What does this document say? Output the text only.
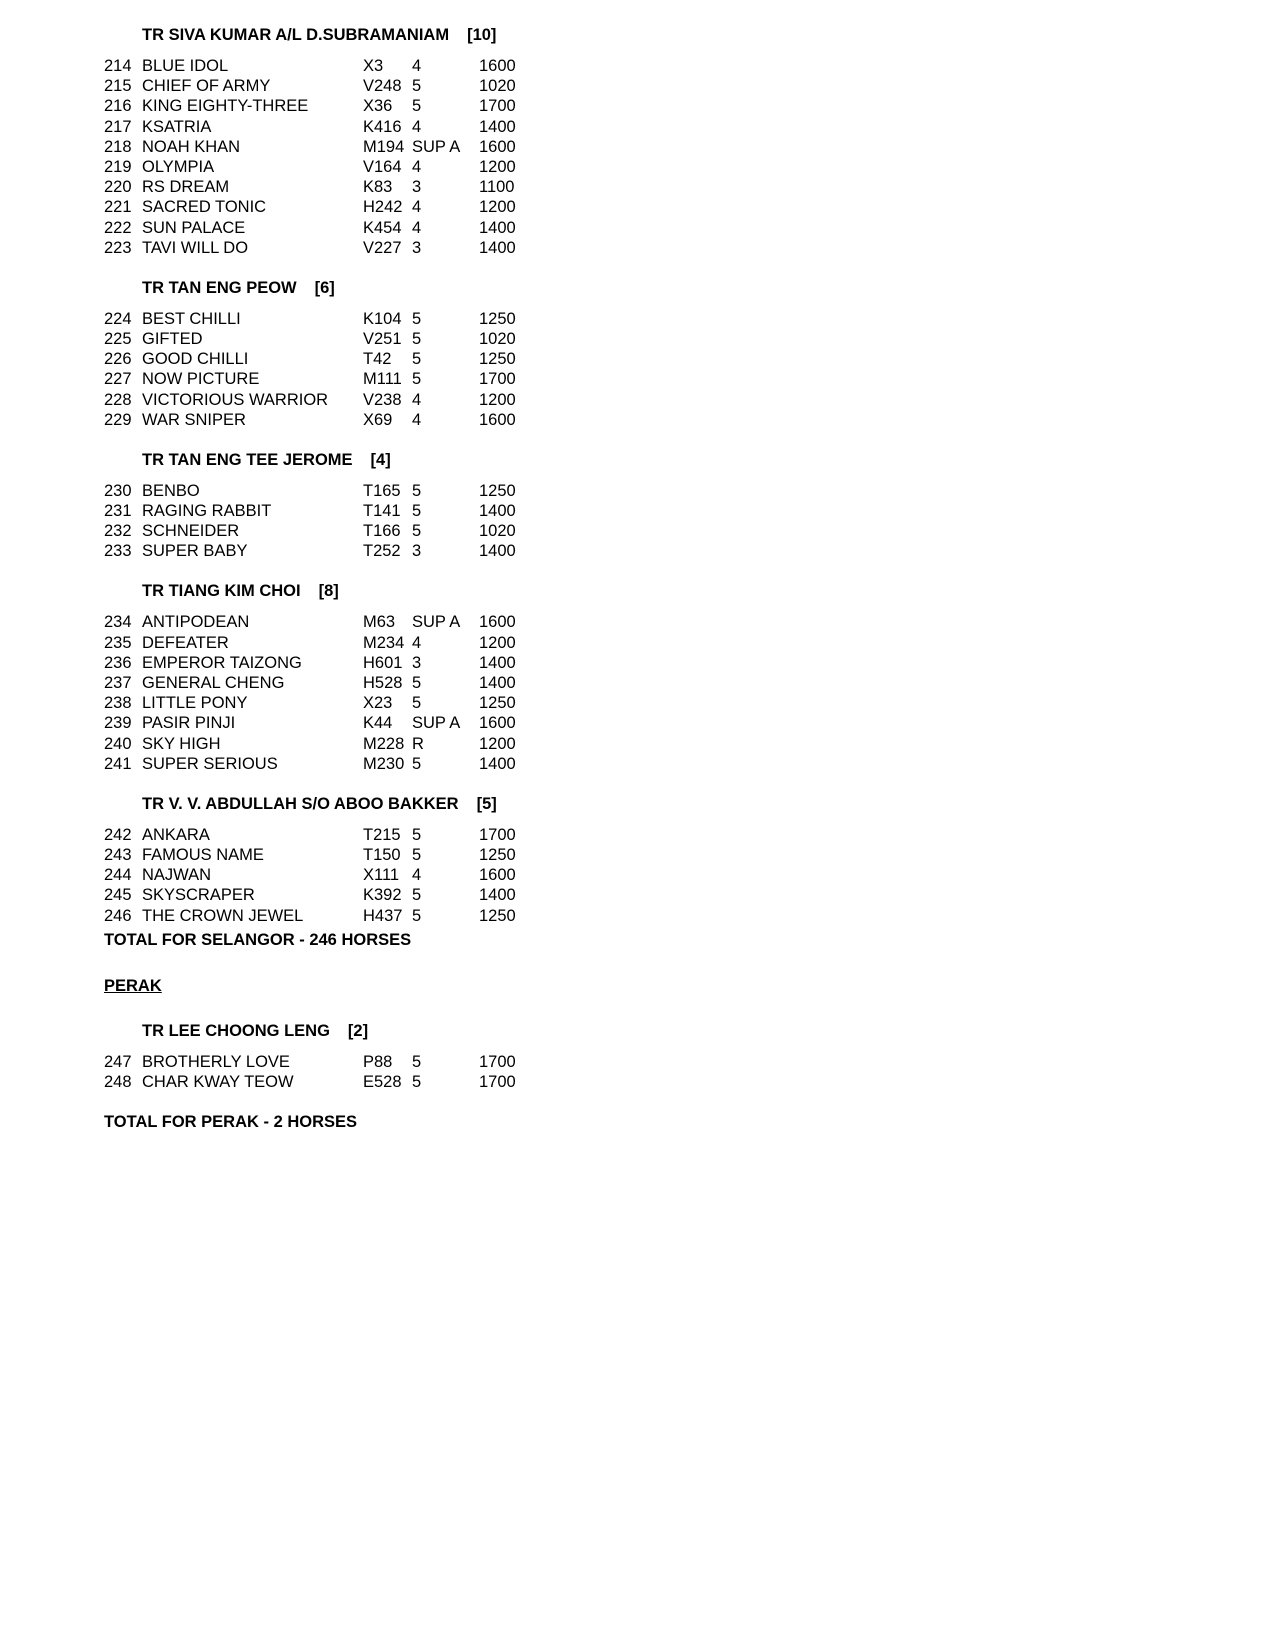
TR SIVA KUMAR A/L D.SUBRAMANIAM [10]
214 BLUE IDOL	X3 4	1600
215 CHIEF OF ARMY	V248 5	1020
216 KING EIGHTY-THREE	X36 5	1700
217 KSATRIA	K416 4	1400
218 NOAH KHAN	M194 SUP A 1600
219 OLYMPIA	V164 4	1200
220 RS DREAM	K83 3	1100
221 SACRED TONIC	H242 4	1200
222 SUN PALACE	K454 4	1400
223 TAVI WILL DO	V227 3	1400
TR TAN ENG PEOW [6]
224 BEST CHILLI	K104 5	1250
225 GIFTED	V251 5	1020
226 GOOD CHILLI	T42 5	1250
227 NOW PICTURE	M111 5	1700
228 VICTORIOUS WARRIOR V238 4	1200
229 WAR SNIPER	X69 4	1600
TR TAN ENG TEE JEROME [4]
230 BENBO	T165 5	1250
231 RAGING RABBIT	T141 5	1400
232 SCHNEIDER	T166 5	1020
233 SUPER BABY	T252 3	1400
TR TIANG KIM CHOI [8]
234 ANTIPODEAN	M63 SUP A 1600
235 DEFEATER	M234 4	1200
236 EMPEROR TAIZONG	H601 3	1400
237 GENERAL CHENG	H528 5	1400
238 LITTLE PONY	X23 5	1250
239 PASIR PINJI	K44 SUP A 1600
240 SKY HIGH	M228 R	1200
241 SUPER SERIOUS	M230 5	1400
TR V. V. ABDULLAH S/O ABOO BAKKER [5]
242 ANKARA	T215 5	1700
243 FAMOUS NAME	T150 5	1250
244 NAJWAN	X111 4	1600
245 SKYSCRAPER	K392 5	1400
246 THE CROWN JEWEL	H437 5	1250
TOTAL FOR SELANGOR - 246 HORSES
PERAK
TR LEE CHOONG LENG [2]
247 BROTHERLY LOVE	P88 5	1700
248 CHAR KWAY TEOW	E528 5	1700
TOTAL FOR PERAK - 2 HORSES
